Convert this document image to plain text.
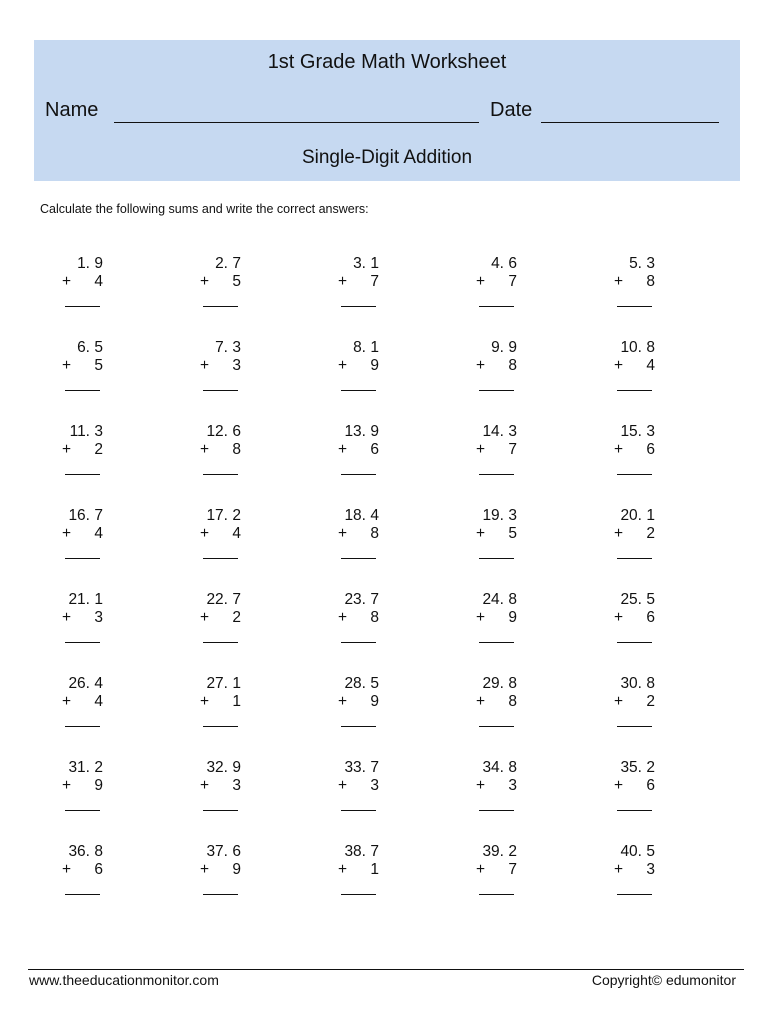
1st Grade Math Worksheet
Name	Date
Single-Digit Addition
Calculate the following sums and write the correct answers:
1. 9
+ 4
2. 7
+ 5
3. 1
+ 7
4. 6
+ 7
5. 3
+ 8
6. 5
+ 5
7. 3
+ 3
8. 1
+ 9
9. 9
+ 8
10. 8
+ 4
11. 3
+ 2
12. 6
+ 8
13. 9
+ 6
14. 3
+ 7
15. 3
+ 6
16. 7
+ 4
17. 2
+ 4
18. 4
+ 8
19. 3
+ 5
20. 1
+ 2
21. 1
+ 3
22. 7
+ 2
23. 7
+ 8
24. 8
+ 9
25. 5
+ 6
26. 4
+ 4
27. 1
+ 1
28. 5
+ 9
29. 8
+ 8
30. 8
+ 2
31. 2
+ 9
32. 9
+ 3
33. 7
+ 3
34. 8
+ 3
35. 2
+ 6
36. 8
+ 6
37. 6
+ 9
38. 7
+ 1
39. 2
+ 7
40. 5
+ 3
www.theeducationmonitor.com	Copyright© edumonitor
